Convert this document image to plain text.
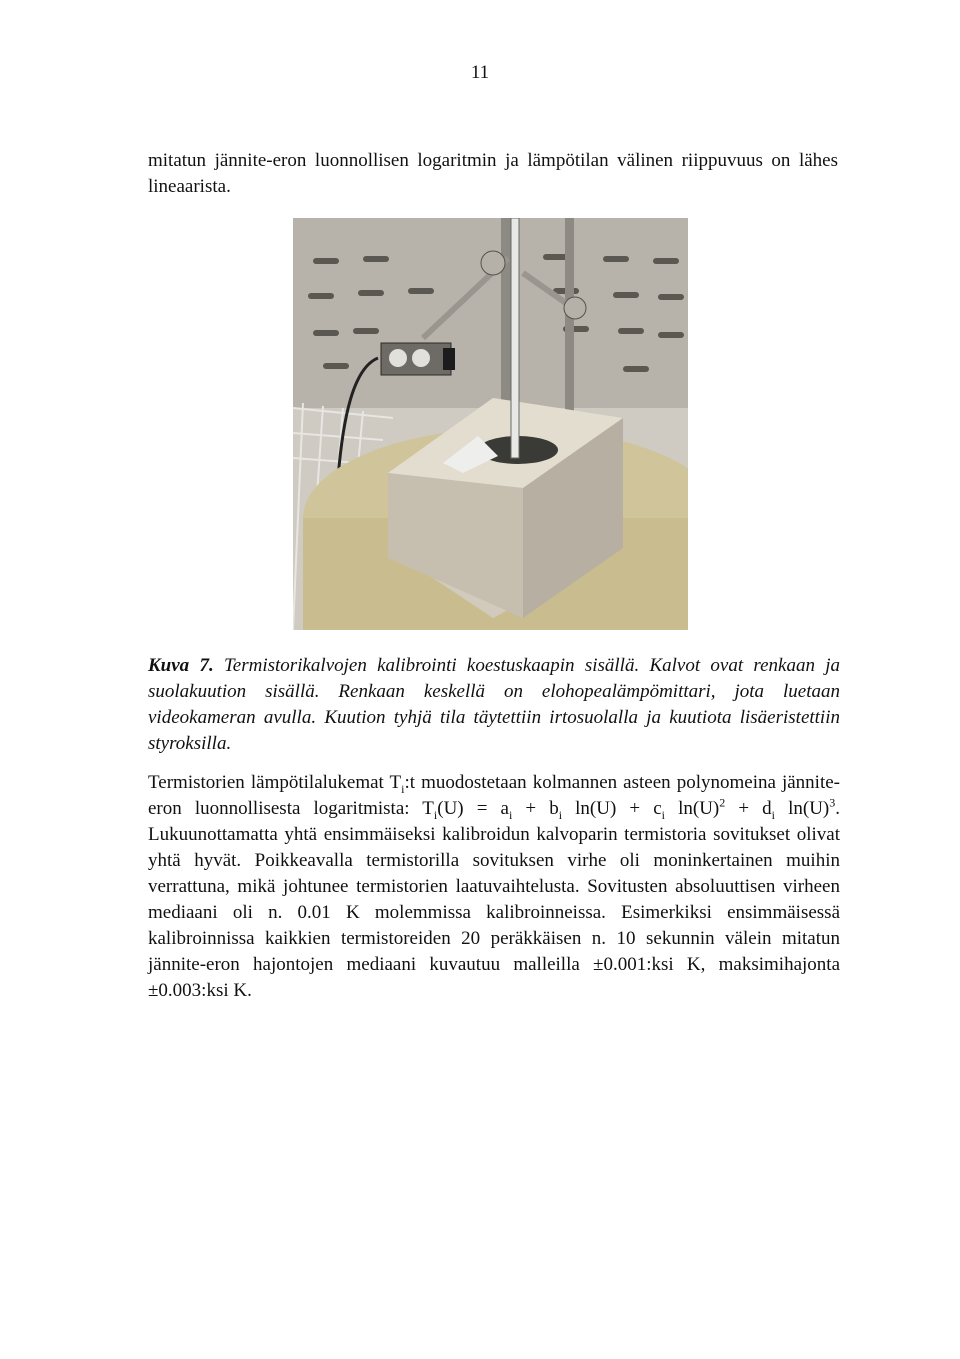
11

mitatun jännite-eron luonnollisen logaritmin ja lämpötilan välinen riippuvuus on lähes lineaarista.

Kuva 7. Termistorikalvojen kalibrointi koestuskaapin sisällä. Kalvot ovat renkaan ja suolakuution sisällä. Renkaan keskellä on elohopealämpömittari, jota luetaan videokameran avulla. Kuution tyhjä tila täytettiin irtosuolalla ja kuutiota lisäeristettiin styroksilla.

Termistorien lämpötilalukemat $T_i:t$ muodostetaan kolmannen asteen polynomeina jännite-eron luonnollisesta logaritmista: $T_i(U) = a_i + b_i$ $\ln(U) + c_i$ $\ln(U)^2 + d_i$ $\ln(U)^3$. Lukuunottamatta yhtä ensimmäiseksi kalibroidun kalvoparin termistoria sovitukset olivat yhtä hyvät. Poikkeavalla termistorilla sovituksen virhe oli moninkertainen muihin verrattuna, mikä johtunee termistorien laatuvaihtelusta. Sovitusten absoluuttisen virheen mediaani oli n. 0.01 K molemmissa kalibroinneissa. Esimerkiksi ensimmäisessä kalibroinnissa kaikkien termistoreiden 20 peräkkäisen n. 10 sekunnin välein mitatun jännite-eron hajontojen mediaani kuvautuu malleilla ±0.001:ksi K, maksimihajonta ±0.003:ksi K.
